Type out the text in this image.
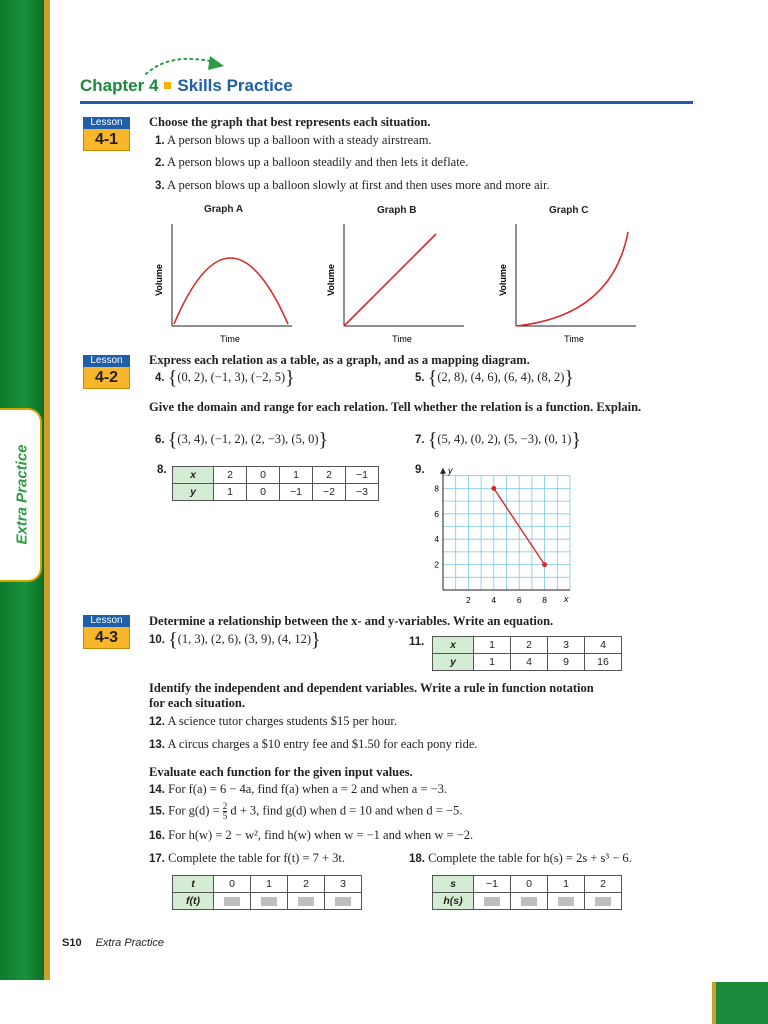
Extra Practice
Chapter 4 Skills Practice
Lesson
4-1
Choose the graph that best represents each situation.
1. A person blows up a balloon with a steady airstream.
2. A person blows up a balloon steadily and then lets it deflate.
3. A person blows up a balloon slowly at first and then uses more and more air.
Graph A	Graph B	Graph C
Volume
Time
Volume
Time
Volume
Time
Lesson
4-2
Express each relation as a table, as a graph, and as a mapping diagram.
4. {(0, 2), (−1, 3), (−2, 5)}	5. {(2, 8), (4, 6), (6, 4), (8, 2)}
Give the domain and range for each relation. Tell whether the relation is a function. Explain.
6. {(3, 4), (−1, 2), (2, −3), (5, 0)}	7. {(5, 4), (0, 2), (5, −3), (0, 1)}
8. x	2	0	1	2	−1
y	1	0	−1	−2	−3
9.	y
x
2 4 6 8
2
4
6
8
Lesson
4-3
Determine a relationship between the x- and y-variables. Write an equation.
10. {(1, 3), (2, 6), (3, 9), (4, 12)}	11. x	1	2	3	4
y	1	4	9	16
Identify the independent and dependent variables. Write a rule in function notation for each situation.
12. A science tutor charges students $15 per hour.
13. A circus charges a $10 entry fee and $1.50 for each pony ride.
Evaluate each function for the given input values.
14. For f(a) = 6 − 4a, find f(a) when a = 2 and when a = −3.
15. For $g(d) = \frac{2}{5}$ d + 3, find g(d) when d = 10 and when d = −5.
16. For h(w) = 2 − w², find h(w) when w = −1 and when w = −2.
17. Complete the table for f(t) = 7 + 3t.	18. Complete the table for h(s) = 2s + s³ − 6.
t	0	1	2	3
f(t)				
s	−1	0	1	2
h(s)				
S10 Extra Practice
